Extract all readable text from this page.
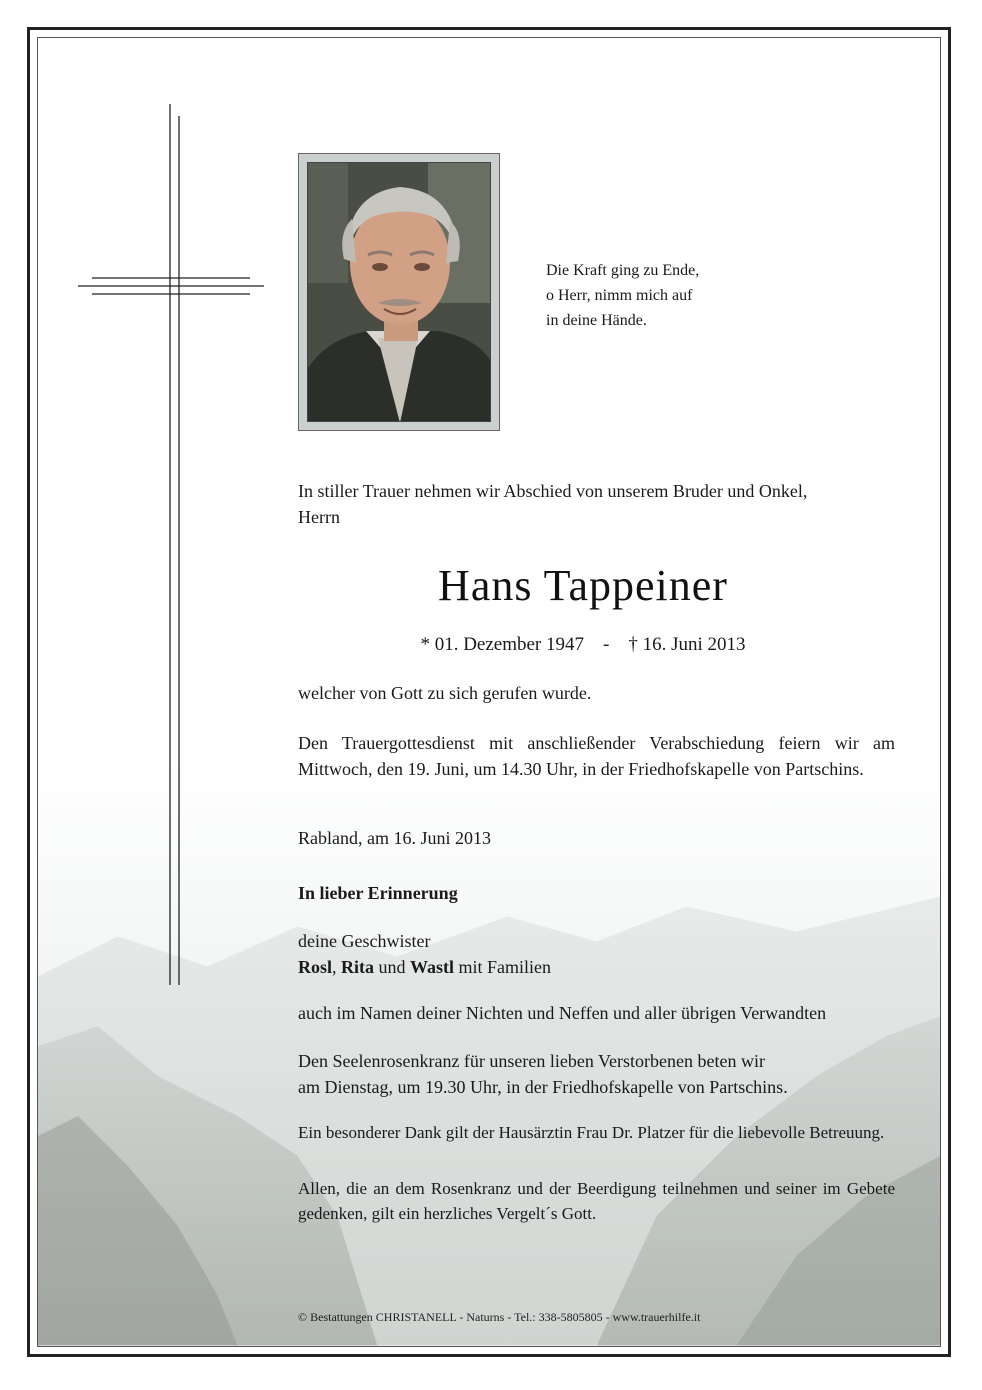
Die Kraft ging zu Ende,
o Herr, nimm mich auf
in deine Hände.
In stiller Trauer nehmen wir Abschied von unserem Bruder und Onkel,
Herrn
Hans Tappeiner
* 01. Dezember 1947 - † 16. Juni 2013
welcher von Gott zu sich gerufen wurde.
Den Trauergottesdienst mit anschließender Verabschiedung feiern wir am Mittwoch, den 19. Juni, um 14.30 Uhr, in der Friedhofskapelle von Partschins.
Rabland, am 16. Juni 2013
In lieber Erinnerung
deine Geschwister
Rosl, Rita und Wastl mit Familien
auch im Namen deiner Nichten und Neffen und aller übrigen Verwandten
Den Seelenrosenkranz für unseren lieben Verstorbenen beten wir
am Dienstag, um 19.30 Uhr, in der Friedhofskapelle von Partschins.
Ein besonderer Dank gilt der Hausärztin Frau Dr. Platzer für die liebevolle Betreuung.
Allen, die an dem Rosenkranz und der Beerdigung teilnehmen und seiner im Gebete gedenken, gilt ein herzliches Vergelt´s Gott.
© Bestattungen CHRISTANELL - Naturns - Tel.: 338-5805805 - www.trauerhilfe.it
